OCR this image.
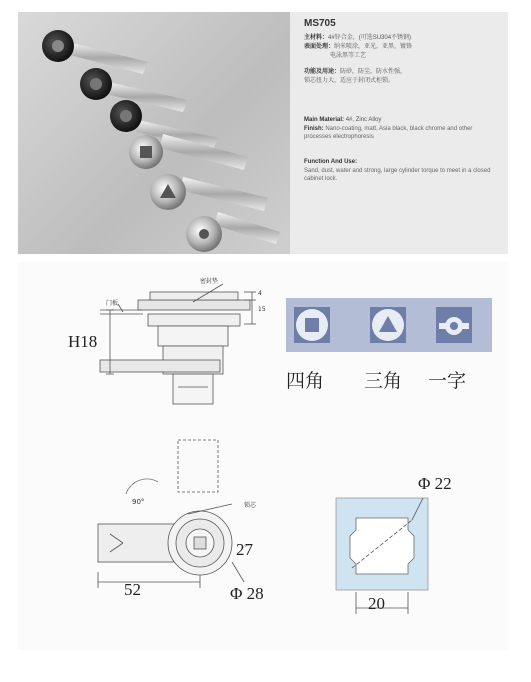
MS705
主材料：4#锌合金，(可选SU304不锈钢)
表面处理：纳米喷涂，亚光，亚黑，镀铬
电泳黑等工艺
功能及用途：防砂，防尘，防水性强，
锁芯扭力大，适应于封闭式柜锁。
Main Material: 4#, Zinc Alloy
Finish: Nano-coating, matt, Asia black, black chrome and other processes electrophoresis
Function And Use:
Sand, dust, water and strong, large cylinder torque to meet in a closed cabinet lock.
密封垫
门板
4
15
H18
90°	锁芯
27
52	Φ 28
Φ 22
20
四角 三角 一字
